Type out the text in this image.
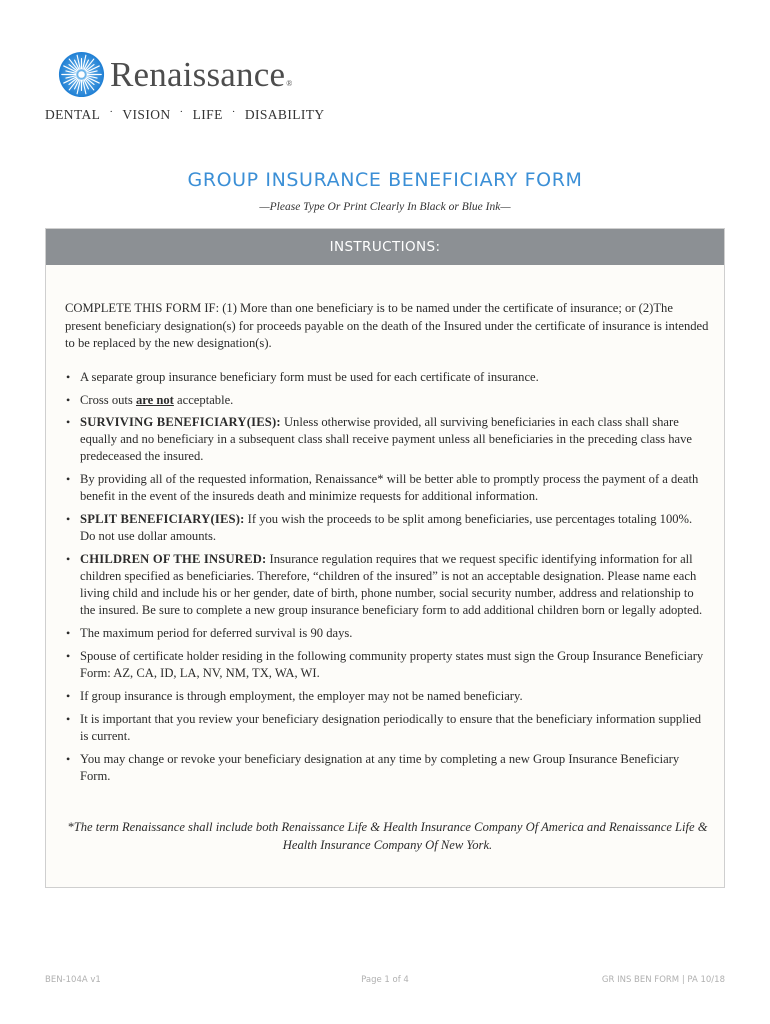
Renaissance ®
DENTAL · VISION · LIFE · DISABILITY
GROUP INSURANCE BENEFICIARY FORM
—Please Type Or Print Clearly In Black or Blue Ink—
INSTRUCTIONS:

COMPLETE THIS FORM IF: (1) More than one beneficiary is to be named under the certificate of insurance; or (2)The present beneficiary designation(s) for proceeds payable on the death of the Insured under the certificate of insurance is intended to be replaced by the new designation(s).

• A separate group insurance beneficiary form must be used for each certificate of insurance.
• Cross outs are not acceptable.
• SURVIVING BENEFICIARY(IES): Unless otherwise provided, all surviving beneficiaries in each class shall share equally and no beneficiary in a subsequent class shall receive payment unless all beneficiaries in the preceding class have predeceased the insured.
• By providing all of the requested information, Renaissance* will be better able to promptly process the payment of a death benefit in the event of the insureds death and minimize requests for additional information.
• SPLIT BENEFICIARY(IES): If you wish the proceeds to be split among beneficiaries, use percentages totaling 100%. Do not use dollar amounts.
• CHILDREN OF THE INSURED: Insurance regulation requires that we request specific identifying information for all children specified as beneficiaries. Therefore, “children of the insured” is not an acceptable designation. Please name each living child and include his or her gender, date of birth, phone number, social security number, address and relationship to the insured. Be sure to complete a new group insurance beneficiary form to add additional children born or legally adopted.
• The maximum period for deferred survival is 90 days.
• Spouse of certificate holder residing in the following community property states must sign the Group Insurance Beneficiary Form: AZ, CA, ID, LA, NV, NM, TX, WA, WI.
• If group insurance is through employment, the employer may not be named beneficiary.
• It is important that you review your beneficiary designation periodically to ensure that the beneficiary information supplied is current.
• You may change or revoke your beneficiary designation at any time by completing a new Group Insurance Beneficiary Form.

*The term Renaissance shall include both Renaissance Life & Health Insurance Company Of America and Renaissance Life & Health Insurance Company Of New York.

BEN-104A v1	Page 1 of 4	GR INS BEN FORM | PA 10/18
